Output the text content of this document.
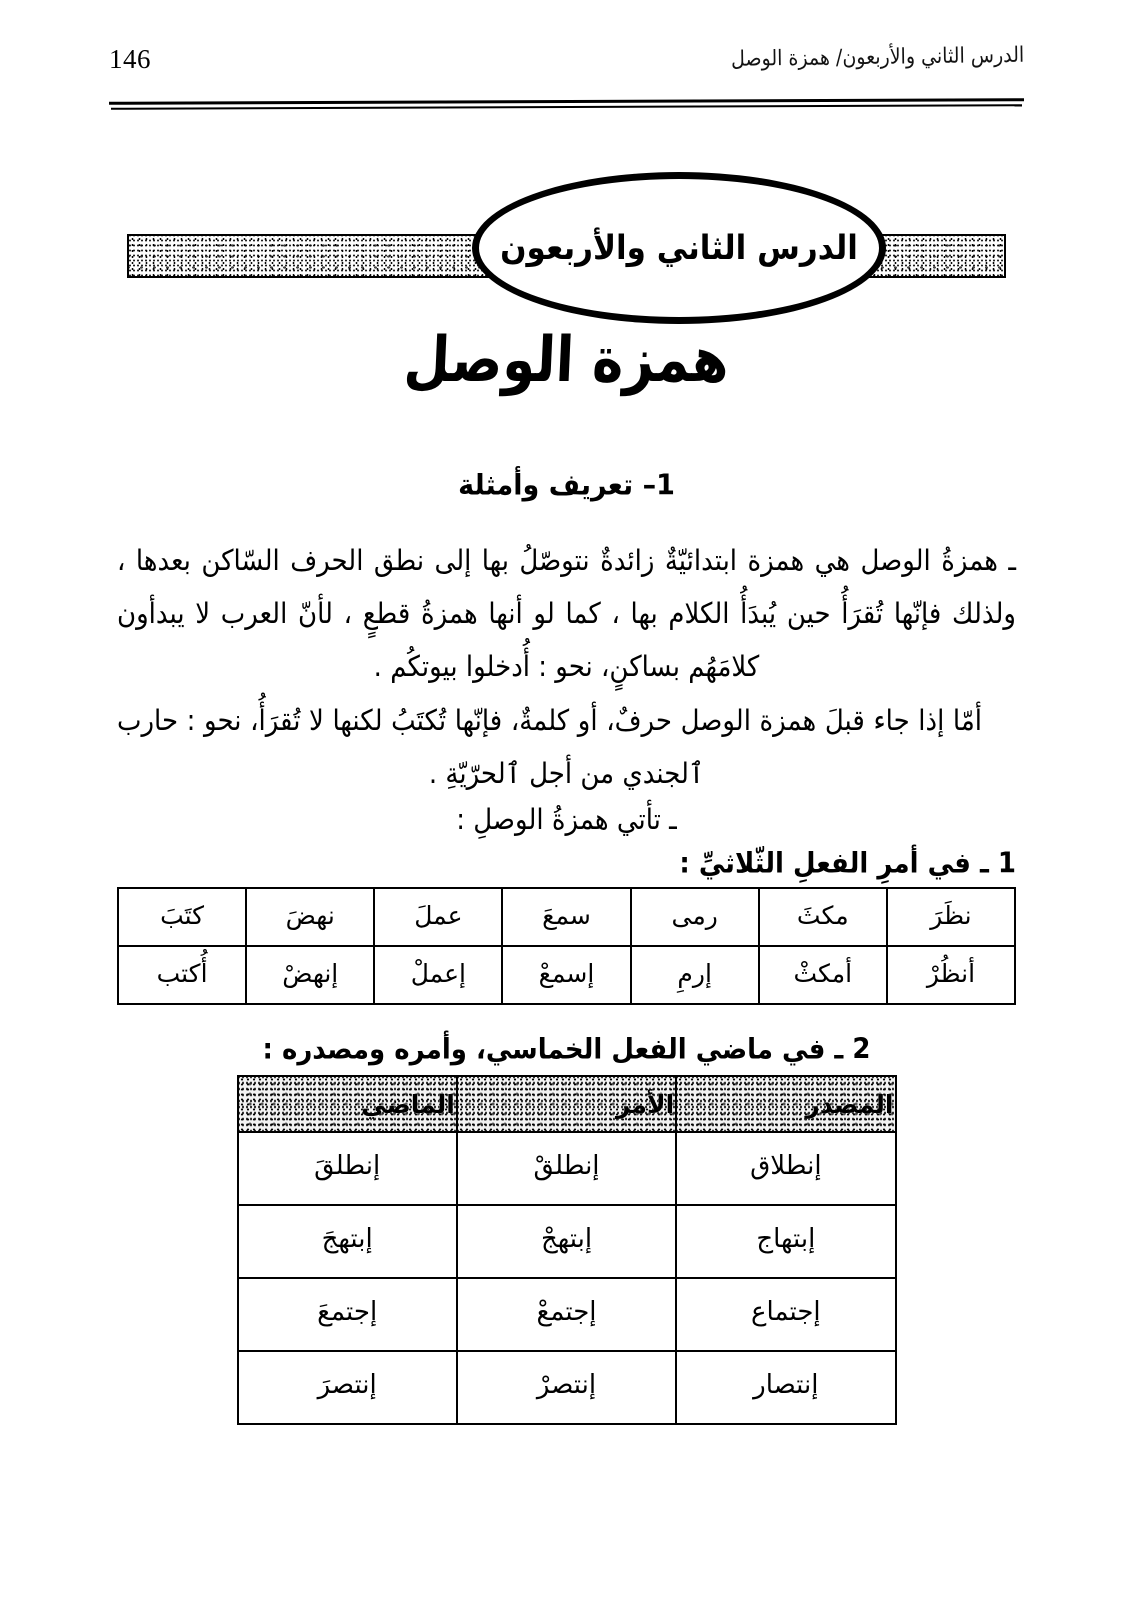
146	الدرس الثاني والأربعون/ همزة الوصل
الدرس الثاني والأربعون
همزة الوصل
1– تعريف وأمثلة

ـ همزةُ الوصل هي همزة ابتدائيّةٌ زائدةٌ نتوصّلُ بها إلى نطق الحرف السّاكن بعدها ، ولذلك فإنّها تُقرَأُ حين يُبدَأُ الكلام بها ، كما لو أنها همزةُ قطعٍ ، لأنّ العرب لا يبدأون كلامَهُم بساكنٍ، نحو : أُدخلوا بيوتكُم .

أمّا إذا جاء قبلَ همزة الوصل حرفٌ، أو كلمةٌ، فإنّها تُكتَبُ لكنها لا تُقرَأُ، نحو : حارب ٱلجندي من أجل ٱلحرّيّةِ .

ـ تأتي همزةُ الوصلِ :
1 ـ في أمرِ الفعلِ الثّلاثيِّ :
نظَرَ	مكثَ	رمى	سمعَ	عملَ	نهضَ	كتَبَ
أنظُرْ	أمكثْ	إرمِ	إسمعْ	إعملْ	إنهضْ	أُكتب
2 ـ في ماضي الفعل الخماسي، وأمره ومصدره :
المصدر	الأمر	الماضي
إنطلاق	إنطلقْ	إنطلقَ
إبتهاج	إبتهجْ	إبتهجَ
إجتماع	إجتمعْ	إجتمعَ
إنتصار	إنتصرْ	إنتصرَ
